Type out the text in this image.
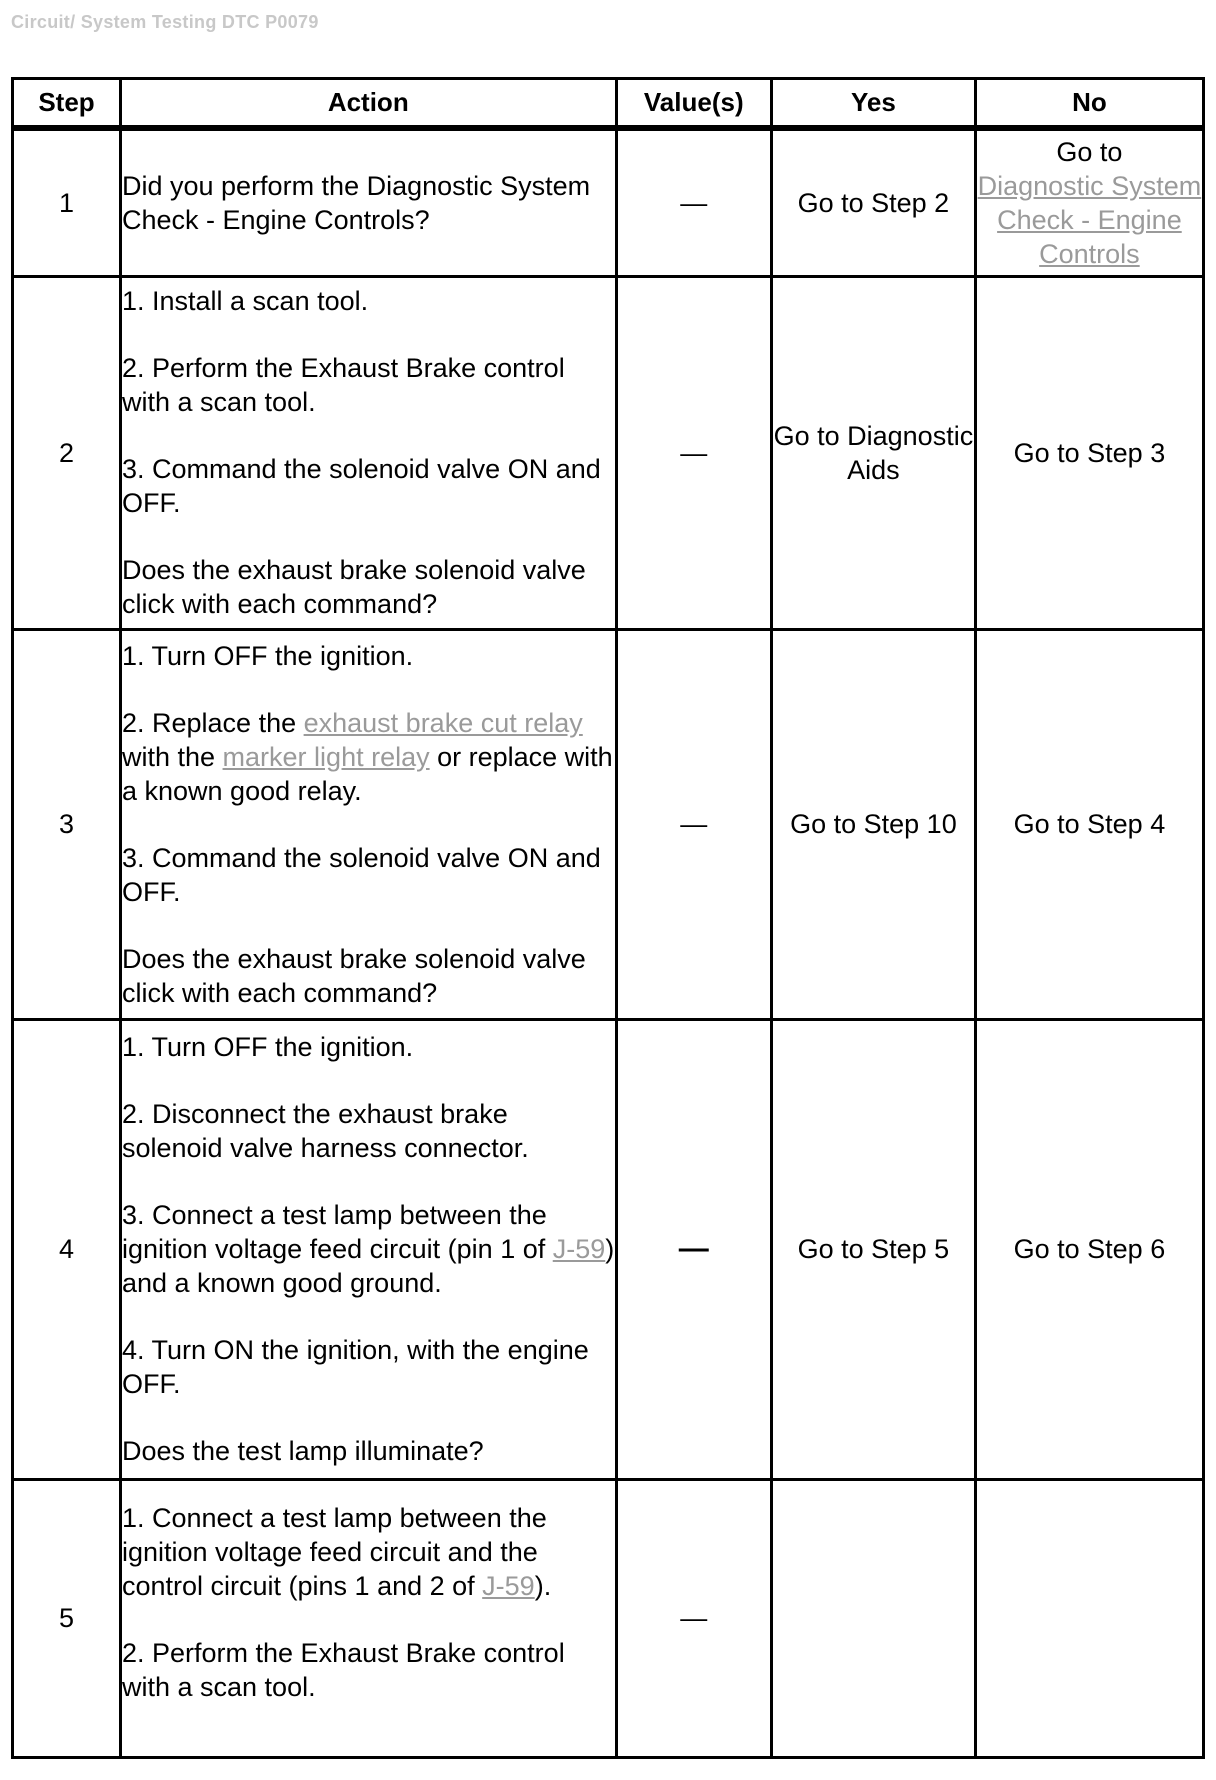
Circuit/ System Testing DTC P0079
Step	Action	Value(s)	Yes	No
1	Did you perform the Diagnostic System Check - Engine Controls?	—	Go to Step 2	Go to
Diagnostic System Check - Engine Controls

2	1. Install a scan tool.
2. Perform the Exhaust Brake control with a scan tool.
3. Command the solenoid valve ON and OFF.
Does the exhaust brake solenoid valve click with each command?	—	Go to Diagnostic Aids	Go to Step 3
3	1. Turn OFF the ignition.
2. Replace the exhaust brake cut relay with the marker light relay or replace with a known good relay.
3. Command the solenoid valve ON and OFF.
Does the exhaust brake solenoid valve click with each command?	—	Go to Step 10	Go to Step 4
4	1. Turn OFF the ignition.
2. Disconnect the exhaust brake solenoid valve harness connector.
3. Connect a test lamp between the ignition voltage feed circuit (pin 1 of J-59) and a known good ground.
4. Turn ON the ignition, with the engine OFF.
Does the test lamp illuminate?	—	Go to Step 5	Go to Step 6
5	1. Connect a test lamp between the ignition voltage feed circuit and the control circuit (pins 1 and 2 of J-59).
2. Perform the Exhaust Brake control with a scan tool.	—		
